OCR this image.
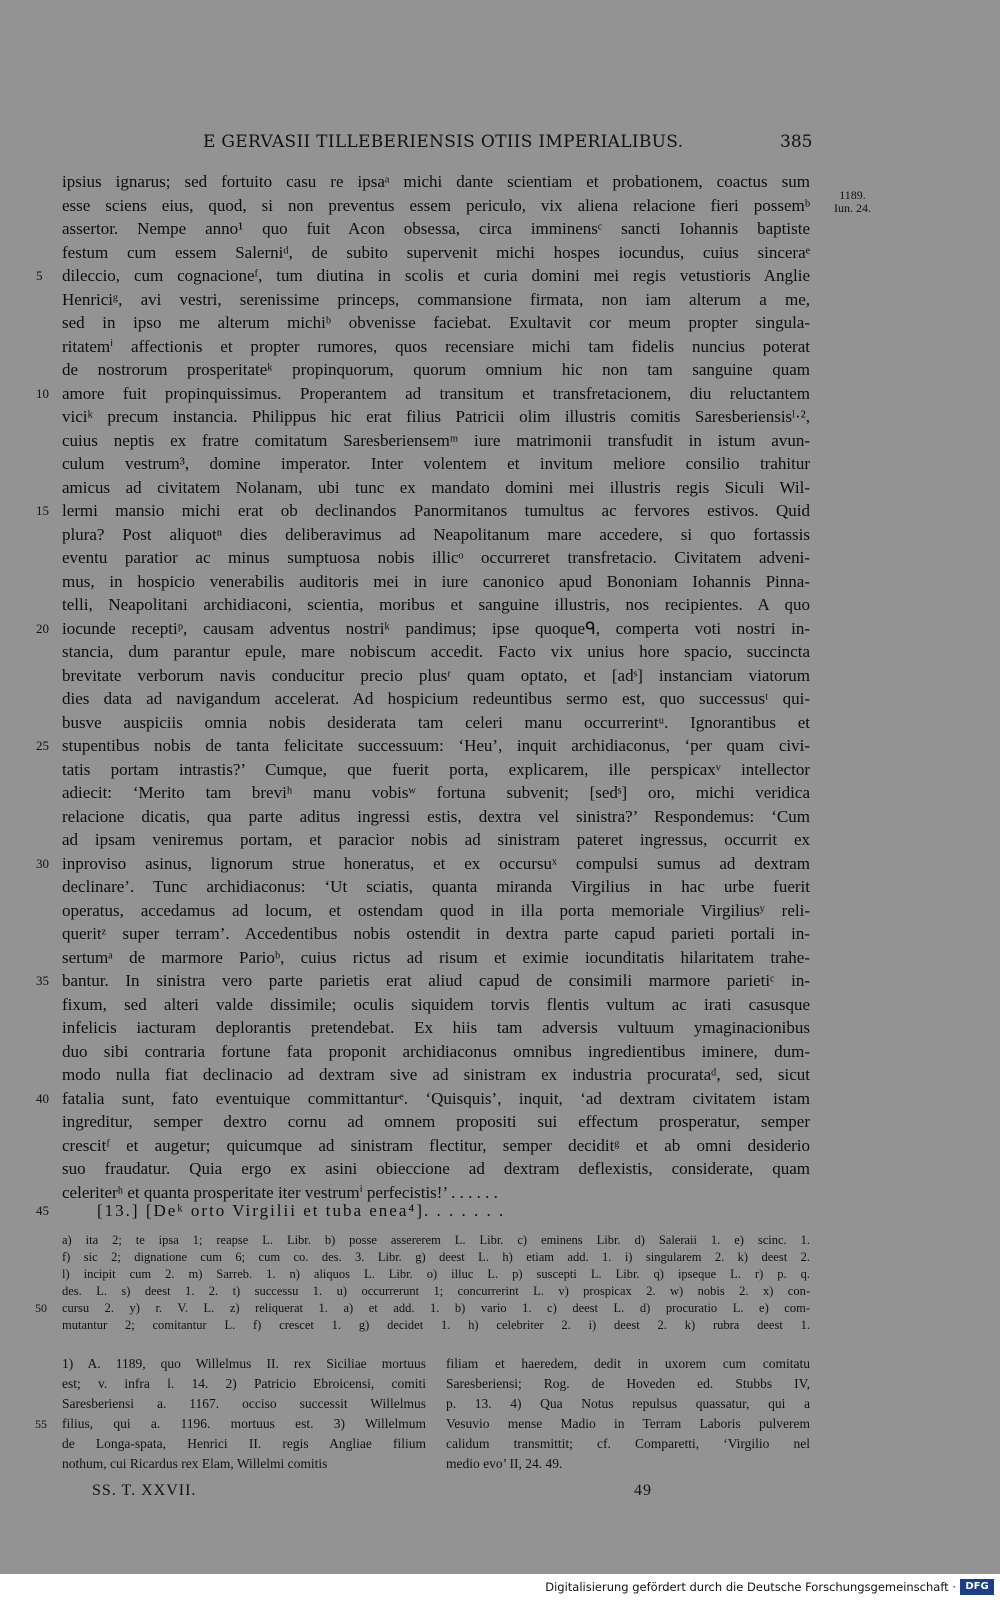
E GERVASII TILLEBERIENSIS OTIIS IMPERIALIBUS.	385
1189.
Iun. 24.
ipsius ignarus; sed fortuito casu re ipsaᵃ michi dante scientiam et probationem, coactus sum
esse sciens eius, quod, si non preventus essem periculo, vix aliena relacione fieri possemᵇ
assertor. Nempe anno¹ quo fuit Acon obsessa, circa imminensᶜ sancti Iohannis baptiste
festum cum essem Salerniᵈ, de subito supervenit michi hospes iocundus, cuius sinceraᵉ
5	dileccio, cum cognacioneᶠ, tum diutina in scolis et curia domini mei regis vetustioris Anglie
Henriciᵍ, avi vestri, serenissime princeps, commansione firmata, non iam alterum a me,
sed in ipso me alterum michiᵇ obvenisse faciebat. Exultavit cor meum propter singula-
ritatemⁱ affectionis et propter rumores, quos recensiare michi tam fidelis nuncius poterat
de nostrorum prosperitateᵏ propinquorum, quorum omnium hic non tam sanguine quam
10 amore fuit propinquissimus. Properantem ad transitum et transfretacionem, diu reluctantem
viciᵏ precum instancia. Philippus hic erat filius Patricii olim illustris comitis Saresberiensisˡ·²,
cuius neptis ex fratre comitatum Saresberiensemᵐ iure matrimonii transfudit in istum avun-
culum vestrum³, domine imperator. Inter volentem et invitum meliore consilio trahitur
amicus ad civitatem Nolanam, ubi tunc ex mandato domini mei illustris regis Siculi Wil-
15 lermi mansio michi erat ob declinandos Panormitanos tumultus ac fervores estivos. Quid
plura? Post aliquotⁿ dies deliberavimus ad Neapolitanum mare accedere, si quo fortassis
eventu paratior ac minus sumptuosa nobis illicᵒ occurreret transfretacio. Civitatem adveni-
mus, in hospicio venerabilis auditoris mei in iure canonico apud Bononiam Iohannis Pinna-
telli, Neapolitani archidiaconi, scientia, moribus et sanguine illustris, nos recipientes. A quo
20 iocunde receptiᵖ, causam adventus nostriᵏ pandimus; ipse quoqueᑫ, comperta voti nostri in-
stancia, dum parantur epule, mare nobiscum accedit. Facto vix unius hore spacio, succincta
brevitate verborum navis conducitur precio plusʳ quam optato, et [adˢ] instanciam viatorum
dies data ad navigandum accelerat. Ad hospicium redeuntibus sermo est, quo successusᵗ qui-
busve auspiciis omnia nobis desiderata tam celeri manu occurrerintᵘ. Ignorantibus et
25 stupentibus nobis de tanta felicitate successuum: ‘Heu’, inquit archidiaconus, ‘per quam civi-
tatis portam intrastis?’ Cumque, que fuerit porta, explicarem, ille perspicaxᵛ intellector
adiecit: ‘Merito tam breviʰ manu vobisʷ fortuna subvenit; [sedˢ] oro, michi veridica
relacione dicatis, qua parte aditus ingressi estis, dextra vel sinistra?’ Respondemus: ‘Cum
ad ipsam veniremus portam, et paracior nobis ad sinistram pateret ingressus, occurrit ex
30 inproviso asinus, lignorum strue honeratus, et ex occursuˣ compulsi sumus ad dextram
declinare’. Tunc archidiaconus: ‘Ut sciatis, quanta miranda Virgilius in hac urbe fuerit
operatus, accedamus ad locum, et ostendam quod in illa porta memoriale Virgiliusʸ reli-
queritᶻ super terram’. Accedentibus nobis ostendit in dextra parte capud parieti portali in-
sertumᵃ de marmore Parioᵇ, cuius rictus ad risum et eximie iocunditatis hilaritatem trahe-
35 bantur. In sinistra vero parte parietis erat aliud capud de consimili marmore parietiᶜ in-
fixum, sed alteri valde dissimile; oculis siquidem torvis flentis vultum ac irati casusque
infelicis iacturam deplorantis pretendebat. Ex hiis tam adversis vultuum ymaginacionibus
duo sibi contraria fortune fata proponit archidiaconus omnibus ingredientibus iminere, dum-
modo nulla fiat declinacio ad dextram sive ad sinistram ex industria procurataᵈ, sed, sicut
40 fatalia sunt, fato eventuique committanturᵉ. ‘Quisquis’, inquit, ‘ad dextram civitatem istam
ingreditur, semper dextro cornu ad omnem propositi sui effectum prosperatur, semper
crescitᶠ et augetur; quicumque ad sinistram flectitur, semper deciditᵍ et ab omni desiderio
suo fraudatur. Quia ergo ex asini obieccione ad dextram deflexistis, considerate, quam
celeriterʰ et quanta prosperitate iter vestrumⁱ perfecistis!’ . . . . . .
45	[13.] [Deᵏ orto Virgilii et tuba enea⁴]. . . . . . .
a) ita 2; te ipsa 1; reapse L. Libr. b) posse assererem L. Libr. c) eminens Libr. d) Saleraii 1. e) scinc. 1.
f) sic 2; dignatione cum 6; cum co. des. 3. Libr. g) deest L. h) etiam add. 1. i) singularem 2. k) deest 2.
l) incipit cum 2. m) Sarreb. 1. n) aliquos L. Libr. o) illuc L. p) suscepti L. Libr. q) ipseque L. r) p. q.
des. L. s) deest 1. 2. t) successu 1. u) occurrerunt 1; concurrerint L. v) prospicax 2. w) nobis 2. x) con-
50	cursu 2. y) r. V. L. z) reliquerat 1. a) et add. 1. b) vario 1. c) deest L. d) procuratio L. e) com-
mutantur 2; comitantur L. f) crescet 1. g) decidet 1. h) celebriter 2. i) deest 2. k) rubra deest 1.
1) A. 1189, quo Willelmus II. rex Siciliae mortuus
est; v. infra l. 14. 2) Patricio Ebroicensi, comiti
Saresberiensi a. 1167. occiso successit Willelmus
55	filius, qui a. 1196. mortuus est. 3) Willelmum
de Longa-spata, Henrici II. regis Angliae filium
nothum, cui Ricardus rex Elam, Willelmi comitis
filiam et haeredem, dedit in uxorem cum comitatu
Saresberiensi; Rog. de Hoveden ed. Stubbs IV,
p. 13. 4) Qua Notus repulsus quassatur, qui a
Vesuvio mense Madio in Terram Laboris pulverem
calidum transmittit; cf. Comparetti, ‘Virgilio nel
medio evo’ II, 24. 49.
SS. T. XXVII.	49
Digitalisierung gefördert durch die Deutsche Forschungsgemeinschaft · DFG
